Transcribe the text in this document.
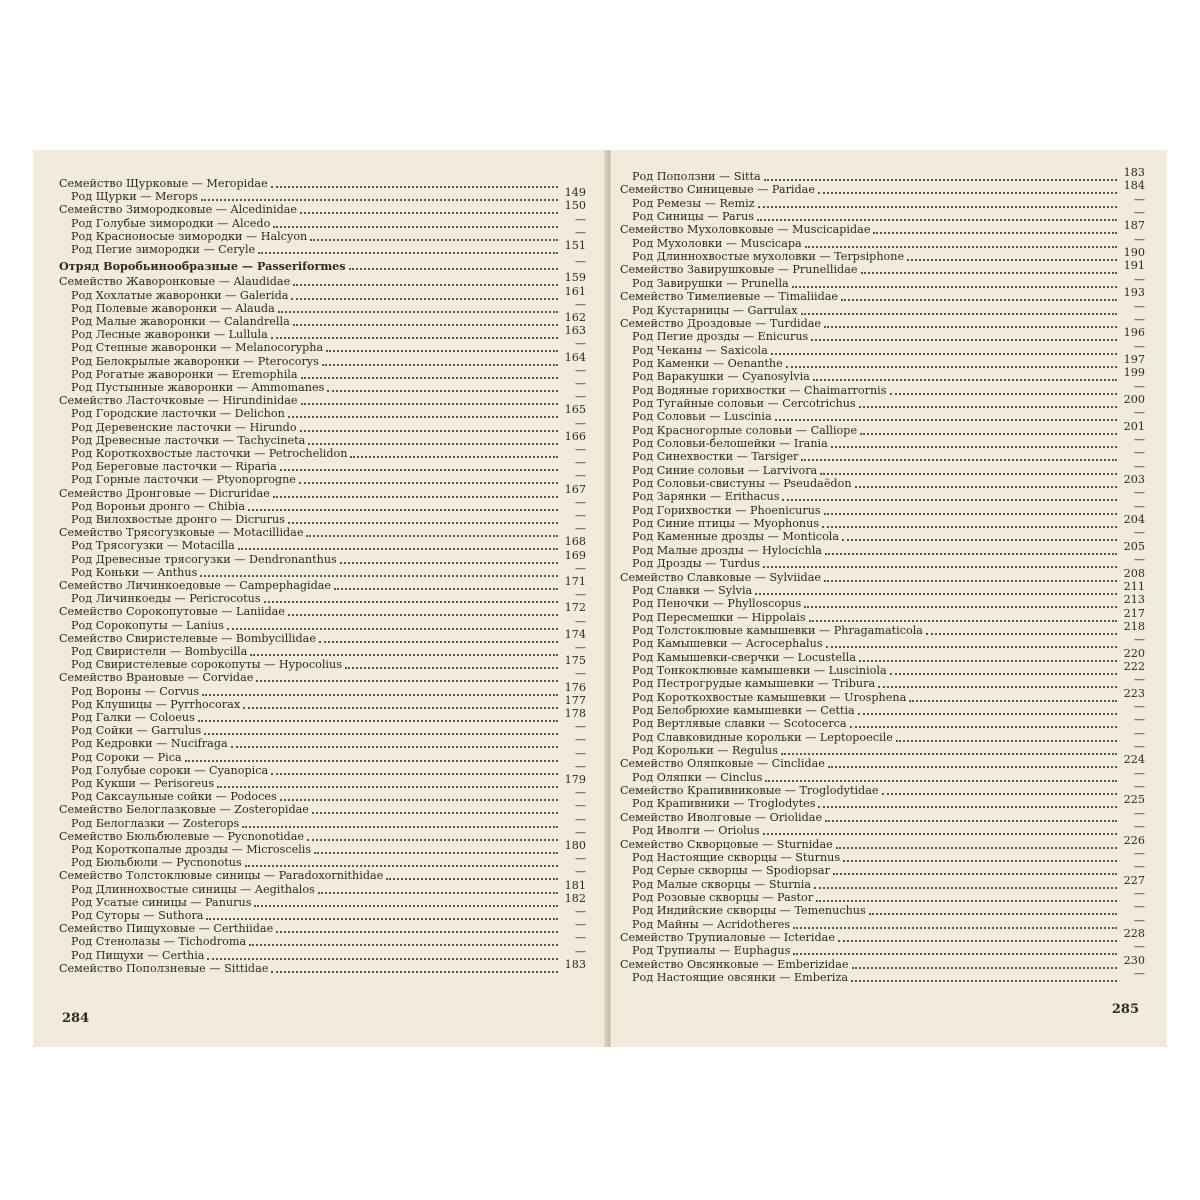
Семейство Щурковые — Meropidae
Род Щурки — Merops	149
Семейство Зимородковые — Alcedinidae	150
Род Голубые зимородки — Alcedo	—
Род Красноносые зимородки — Halcyon	—
Род Пегие зимородки — Ceryle	151
Отряд Воробьинообразные — Passeriformes	—
Семейство Жаворонковые — Alaudidae	159
Род Хохлатые жаворонки — Galerida	161
Род Полевые жаворонки — Alauda	—
Род Малые жаворонки — Calandrella	162
Род Лесные жаворонки — Lullula	163
Род Степные жаворонки — Melanocorypha	—
Род Белокрылые жаворонки — Pterocorys	164
Род Рогатые жаворонки — Eremophila	—
Род Пустынные жаворонки — Ammomanes	—
Семейство Ласточковые — Hirundinidae	—
Род Городские ласточки — Delichon	165
Род Деревенские ласточки — Hirundo	—
Род Древесные ласточки — Tachycineta	166
Род Короткохвостые ласточки — Petrochelidon	—
Род Береговые ласточки — Riparia	—
Род Горные ласточки — Ptyonoprogne	—
Семейство Дронговые — Dicruridae	167
Род Вороньи дронго — Chibia	—
Род Вилохвостые дронго — Dicrurus	—
Семейство Трясогузковые — Motacillidae	—
Род Трясогузки — Motacilla	168
Род Древесные трясогузки — Dendronanthus	169
Род Коньки — Anthus	—
Семейство Личинкоедовые — Campephagidae	171
Род Личинкоеды — Pericrocotus	—
Семейство Сорокопутовые — Laniidae	172
Род Сорокопуты — Lanius	—
Семейство Свиристелевые — Bombycillidae	174
Род Свиристели — Bombycilla	—
Род Свиристелевые сорокопуты — Hypocolius	175
Семейство Врановые — Corvidae	—
Род Вороны — Corvus	176
Род Клушицы — Pyrrhocorax	177
Род Галки — Coloeus	178
Род Сойки — Garrulus	—
Род Кедровки — Nucifraga	—
Род Сороки — Pica	—
Род Голубые сороки — Cyanopica	—
Род Кукши — Perisoreus	179
Род Саксаульные сойки — Podoces	—
Семейство Белоглазковые — Zosteropidae	—
Род Белоглазки — Zosterops	—
Семейство Бюльбюлевые — Pycnonotidae	—
Род Короткопалые дрозды — Microscelis	180
Род Бюльбюли — Pycnonotus	—
Семейство Толстоклювые синицы — Paradoxornithidae	—
Род Длиннохвостые синицы — Aegithalos	181
Род Усатые синицы — Panurus	182
Род Суторы — Suthora	—
Семейство Пищуховые — Certhiidae	—
Род Стенолазы — Tichodroma	—
Род Пищухи — Certhia	—
Семейство Поползневые — Sittidae	183
284
Род Поползни — Sitta	183
Семейство Синицевые — Paridae	184
Род Ремезы — Remiz	—
Род Синицы — Parus	—
Семейство Мухоловковые — Muscicapidae	187
Род Мухоловки — Muscicapa	—
Род Длиннохвостые мухоловки — Terpsiphone	190
Семейство Завирушковые — Prunellidae	191
Род Завирушки — Prunella	—
Семейство Тимелиевые — Timaliidae	193
Род Кустарницы — Garrulax	—
Семейство Дроздовые — Turdidae	—
Род Пегие дрозды — Enicurus	196
Род Чеканы — Saxicola	—
Род Каменки — Oenanthe	197
Род Варакушки — Cyanosylvia	199
Род Водяные горихвостки — Chaimarrornis	—
Род Тугайные соловьи — Cercotrichus	200
Род Соловьи — Luscinia	—
Род Красногорлые соловьи — Calliope	201
Род Соловьи-белошейки — Irania	—
Род Синехвостки — Tarsiger	—
Род Синие соловьи — Larvivora	—
Род Соловьи-свистуны — Pseudaëdon	203
Род Зарянки — Erithacus	—
Род Горихвостки — Phoenicurus	—
Род Синие птицы — Myophonus	204
Род Каменные дрозды — Monticola	—
Род Малые дрозды — Hylocichla	205
Род Дрозды — Turdus	—
Семейство Славковые — Sylviidae	208
Род Славки — Sylvia	211
Род Пеночки — Phylloscopus	213
Род Пересмешки — Hippolais	217
Род Толстоклювые камышевки — Phragamaticola	218
Род Камышевки — Acrocephalus	—
Род Камышевки-сверчки — Locustella	220
Род Тонкоклювые камышевки — Lusciniola	222
Род Пестрогрудые камышевки — Tribura	—
Род Короткохвостые камышевки — Urosphena	223
Род Белобрюхие камышевки — Cettia	—
Род Вертлявые славки — Scotocerca	—
Род Славковидные корольки — Leptopoecile	—
Род Корольки — Regulus	—
Семейство Оляпковые — Cinclidae	224
Род Оляпки — Cinclus	—
Семейство Крапивниковые — Troglodytidae	—
Род Крапивники — Troglodytes	225
Семейство Иволговые — Oriolidae	—
Род Иволги — Oriolus	—
Семейство Скворцовые — Sturnidae	226
Род Настоящие скворцы — Sturnus	—
Род Серые скворцы — Spodiopsar	—
Род Малые скворцы — Sturnia	227
Род Розовые скворцы — Pastor	—
Род Индийские скворцы — Temenuchus	—
Род Майны — Acridotheres	—
Семейство Трупиаловые — Icteridae	228
Род Трупиалы — Euphagus	—
Семейство Овсянковые — Emberizidae	230
Род Настоящие овсянки — Emberiza	—
285
